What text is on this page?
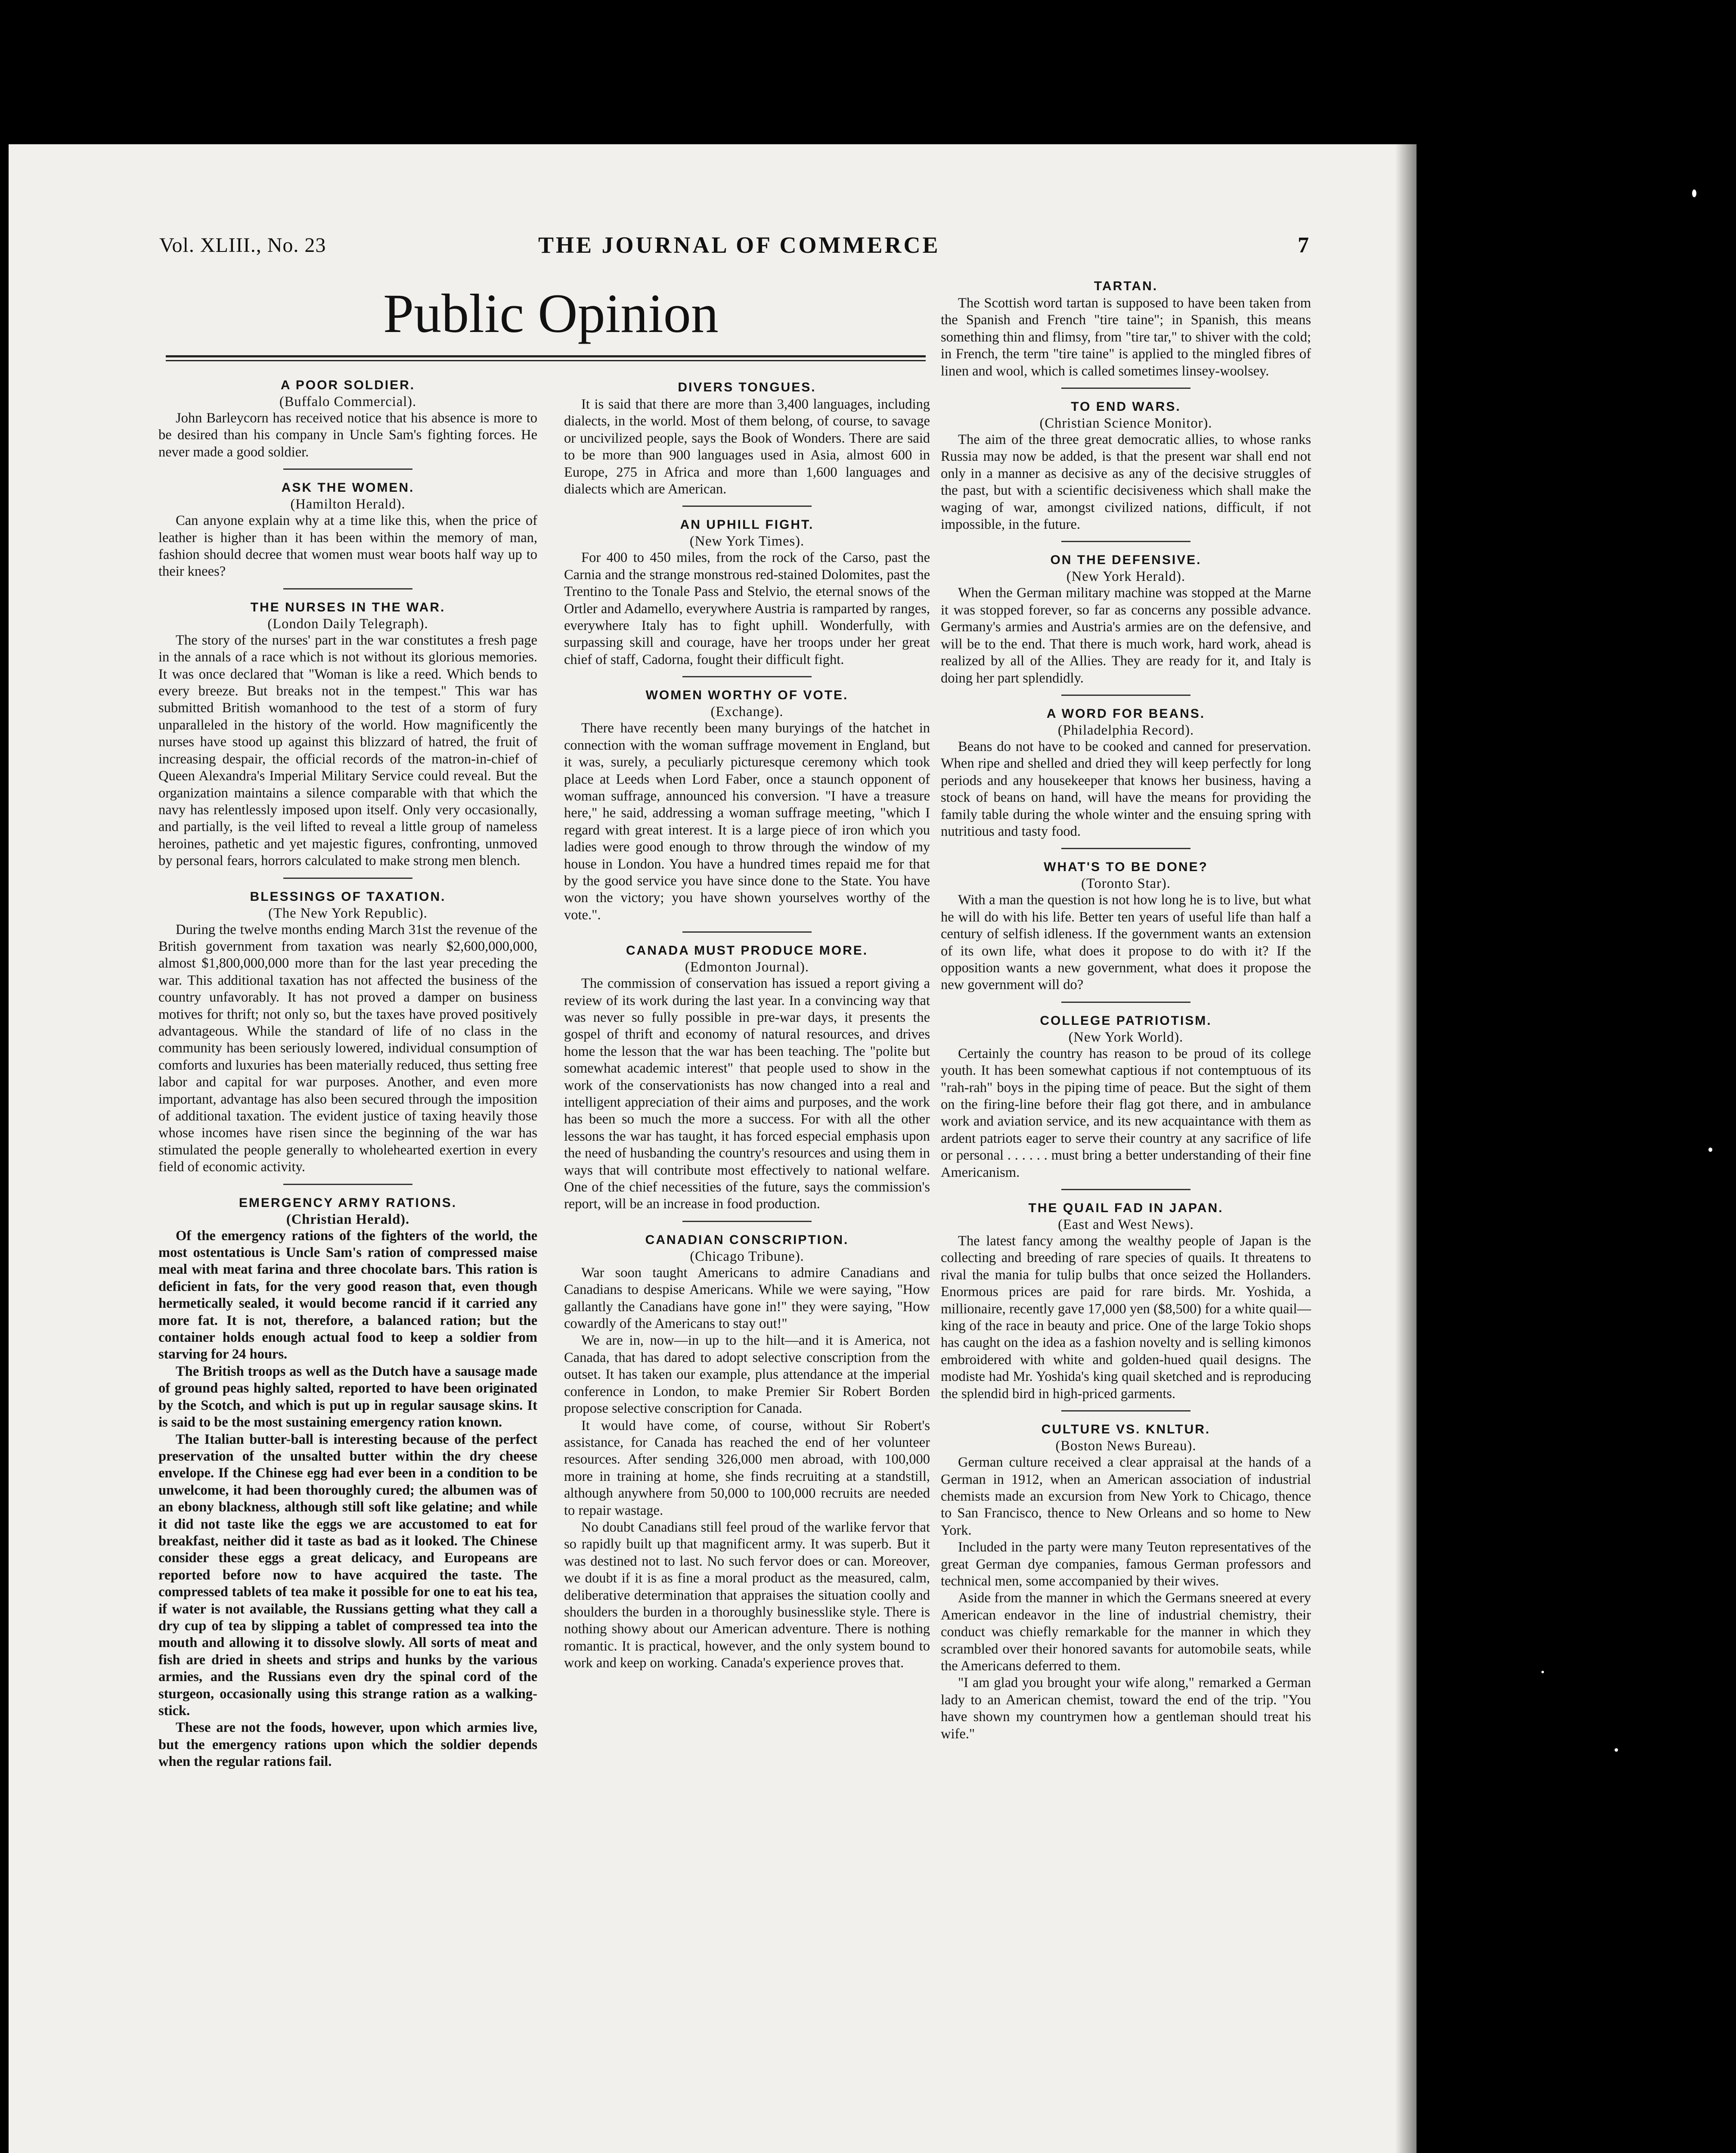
Vol. XLIII., No. 23	THE JOURNAL OF COMMERCE	7
Public Opinion
A POOR SOLDIER.
(Buffalo Commercial).

John Barleycorn has received notice that his absence is more to be desired than his company in Uncle Sam's fighting forces. He never made a good soldier.

ASK THE WOMEN.
(Hamilton Herald).

Can anyone explain why at a time like this, when the price of leather is higher than it has been within the memory of man, fashion should decree that women must wear boots half way up to their knees?

THE NURSES IN THE WAR.
(London Daily Telegraph).

The story of the nurses' part in the war constitutes a fresh page in the annals of a race which is not without its glorious memories. It was once declared that "Woman is like a reed. Which bends to every breeze. But breaks not in the tempest." This war has submitted British womanhood to the test of a storm of fury unparalleled in the history of the world. How magnificently the nurses have stood up against this blizzard of hatred, the fruit of increasing despair, the official records of the matron-in-chief of Queen Alexandra's Imperial Military Service could reveal. But the organization maintains a silence comparable with that which the navy has relentlessly imposed upon itself. Only very occasionally, and partially, is the veil lifted to reveal a little group of nameless heroines, pathetic and yet majestic figures, confronting, unmoved by personal fears, horrors calculated to make strong men blench.

BLESSINGS OF TAXATION.
(The New York Republic).

During the twelve months ending March 31st the revenue of the British government from taxation was nearly $2,600,000,000, almost $1,800,000,000 more than for the last year preceding the war. This additional taxation has not affected the business of the country unfavorably. It has not proved a damper on business motives for thrift; not only so, but the taxes have proved positively advantageous. While the standard of life of no class in the community has been seriously lowered, individual consumption of comforts and luxuries has been materially reduced, thus setting free labor and capital for war purposes. Another, and even more important, advantage has also been secured through the imposition of additional taxation. The evident justice of taxing heavily those whose incomes have risen since the beginning of the war has stimulated the people generally to wholehearted exertion in every field of economic activity.

EMERGENCY ARMY RATIONS.
(Christian Herald).

Of the emergency rations of the fighters of the world, the most ostentatious is Uncle Sam's ration of compressed maise meal with meat farina and three chocolate bars. This ration is deficient in fats, for the very good reason that, even though hermetically sealed, it would become rancid if it carried any more fat. It is not, therefore, a balanced ration; but the container holds enough actual food to keep a soldier from starving for 24 hours.

The British troops as well as the Dutch have a sausage made of ground peas highly salted, reported to have been originated by the Scotch, and which is put up in regular sausage skins. It is said to be the most sustaining emergency ration known.

The Italian butter-ball is interesting because of the perfect preservation of the unsalted butter within the dry cheese envelope. If the Chinese egg had ever been in a condition to be unwelcome, it had been thoroughly cured; the albumen was of an ebony blackness, although still soft like gelatine; and while it did not taste like the eggs we are accustomed to eat for breakfast, neither did it taste as bad as it looked. The Chinese consider these eggs a great delicacy, and Europeans are reported before now to have acquired the taste. The compressed tablets of tea make it possible for one to eat his tea, if water is not available, the Russians getting what they call a dry cup of tea by slipping a tablet of compressed tea into the mouth and allowing it to dissolve slowly. All sorts of meat and fish are dried in sheets and strips and hunks by the various armies, and the Russians even dry the spinal cord of the sturgeon, occasionally using this strange ration as a walking-stick.

These are not the foods, however, upon which armies live, but the emergency rations upon which the soldier depends when the regular rations fail.

DIVERS TONGUES.

It is said that there are more than 3,400 languages, including dialects, in the world. Most of them belong, of course, to savage or uncivilized people, says the Book of Wonders. There are said to be more than 900 languages used in Asia, almost 600 in Europe, 275 in Africa and more than 1,600 languages and dialects which are American.

AN UPHILL FIGHT.
(New York Times).

For 400 to 450 miles, from the rock of the Carso, past the Carnia and the strange monstrous red-stained Dolomites, past the Trentino to the Tonale Pass and Stelvio, the eternal snows of the Ortler and Adamello, everywhere Austria is ramparted by ranges, everywhere Italy has to fight uphill. Wonderfully, with surpassing skill and courage, have her troops under her great chief of staff, Cadorna, fought their difficult fight.

WOMEN WORTHY OF VOTE.
(Exchange).

There have recently been many buryings of the hatchet in connection with the woman suffrage movement in England, but it was, surely, a peculiarly picturesque ceremony which took place at Leeds when Lord Faber, once a staunch opponent of woman suffrage, announced his conversion. "I have a treasure here," he said, addressing a woman suffrage meeting, "which I regard with great interest. It is a large piece of iron which you ladies were good enough to throw through the window of my house in London. You have a hundred times repaid me for that by the good service you have since done to the State. You have won the victory; you have shown yourselves worthy of the vote.".

CANADA MUST PRODUCE MORE.
(Edmonton Journal).

The commission of conservation has issued a report giving a review of its work during the last year. In a convincing way that was never so fully possible in pre-war days, it presents the gospel of thrift and economy of natural resources, and drives home the lesson that the war has been teaching. The "polite but somewhat academic interest" that people used to show in the work of the conservationists has now changed into a real and intelligent appreciation of their aims and purposes, and the work has been so much the more a success. For with all the other lessons the war has taught, it has forced especial emphasis upon the need of husbanding the country's resources and using them in ways that will contribute most effectively to national welfare. One of the chief necessities of the future, says the commission's report, will be an increase in food production.

CANADIAN CONSCRIPTION.
(Chicago Tribune).

War soon taught Americans to admire Canadians and Canadians to despise Americans. While we were saying, "How gallantly the Canadians have gone in!" they were saying, "How cowardly of the Americans to stay out!"

We are in, now—in up to the hilt—and it is America, not Canada, that has dared to adopt selective conscription from the outset. It has taken our example, plus attendance at the imperial conference in London, to make Premier Sir Robert Borden propose selective conscription for Canada.

It would have come, of course, without Sir Robert's assistance, for Canada has reached the end of her volunteer resources. After sending 326,000 men abroad, with 100,000 more in training at home, she finds recruiting at a standstill, although anywhere from 50,000 to 100,000 recruits are needed to repair wastage.

No doubt Canadians still feel proud of the warlike fervor that so rapidly built up that magnificent army. It was superb. But it was destined not to last. No such fervor does or can. Moreover, we doubt if it is as fine a moral product as the measured, calm, deliberative determination that appraises the situation coolly and shoulders the burden in a thoroughly businesslike style. There is nothing showy about our American adventure. There is nothing romantic. It is practical, however, and the only system bound to work and keep on working. Canada's experience proves that.

TARTAN.

The Scottish word tartan is supposed to have been taken from the Spanish and French "tire taine"; in Spanish, this means something thin and flimsy, from "tire tar," to shiver with the cold; in French, the term "tire taine" is applied to the mingled fibres of linen and wool, which is called sometimes linsey-woolsey.

TO END WARS.
(Christian Science Monitor).

The aim of the three great democratic allies, to whose ranks Russia may now be added, is that the present war shall end not only in a manner as decisive as any of the decisive struggles of the past, but with a scientific decisiveness which shall make the waging of war, amongst civilized nations, difficult, if not impossible, in the future.

ON THE DEFENSIVE.
(New York Herald).

When the German military machine was stopped at the Marne it was stopped forever, so far as concerns any possible advance. Germany's armies and Austria's armies are on the defensive, and will be to the end. That there is much work, hard work, ahead is realized by all of the Allies. They are ready for it, and Italy is doing her part splendidly.

A WORD FOR BEANS.
(Philadelphia Record).

Beans do not have to be cooked and canned for preservation. When ripe and shelled and dried they will keep perfectly for long periods and any housekeeper that knows her business, having a stock of beans on hand, will have the means for providing the family table during the whole winter and the ensuing spring with nutritious and tasty food.

WHAT'S TO BE DONE?
(Toronto Star).

With a man the question is not how long he is to live, but what he will do with his life. Better ten years of useful life than half a century of selfish idleness. If the government wants an extension of its own life, what does it propose to do with it? If the opposition wants a new government, what does it propose the new government will do?

COLLEGE PATRIOTISM.
(New York World).

Certainly the country has reason to be proud of its college youth. It has been somewhat captious if not contemptuous of its "rah-rah" boys in the piping time of peace. But the sight of them on the firing-line before their flag got there, and in ambulance work and aviation service, and its new acquaintance with them as ardent patriots eager to serve their country at any sacrifice of life or personal . . . . . . must bring a better understanding of their fine Americanism.

THE QUAIL FAD IN JAPAN.
(East and West News).

The latest fancy among the wealthy people of Japan is the collecting and breeding of rare species of quails. It threatens to rival the mania for tulip bulbs that once seized the Hollanders. Enormous prices are paid for rare birds. Mr. Yoshida, a millionaire, recently gave 17,000 yen ($8,500) for a white quail—king of the race in beauty and price. One of the large Tokio shops has caught on the idea as a fashion novelty and is selling kimonos embroidered with white and golden-hued quail designs. The modiste had Mr. Yoshida's king quail sketched and is reproducing the splendid bird in high-priced garments.

CULTURE VS. KNLTUR.
(Boston News Bureau).

German culture received a clear appraisal at the hands of a German in 1912, when an American association of industrial chemists made an excursion from New York to Chicago, thence to San Francisco, thence to New Orleans and so home to New York.

Included in the party were many Teuton representatives of the great German dye companies, famous German professors and technical men, some accompanied by their wives.

Aside from the manner in which the Germans sneered at every American endeavor in the line of industrial chemistry, their conduct was chiefly remarkable for the manner in which they scrambled over their honored savants for automobile seats, while the Americans deferred to them.

"I am glad you brought your wife along," remarked a German lady to an American chemist, toward the end of the trip. "You have shown my countrymen how a gentleman should treat his wife."
